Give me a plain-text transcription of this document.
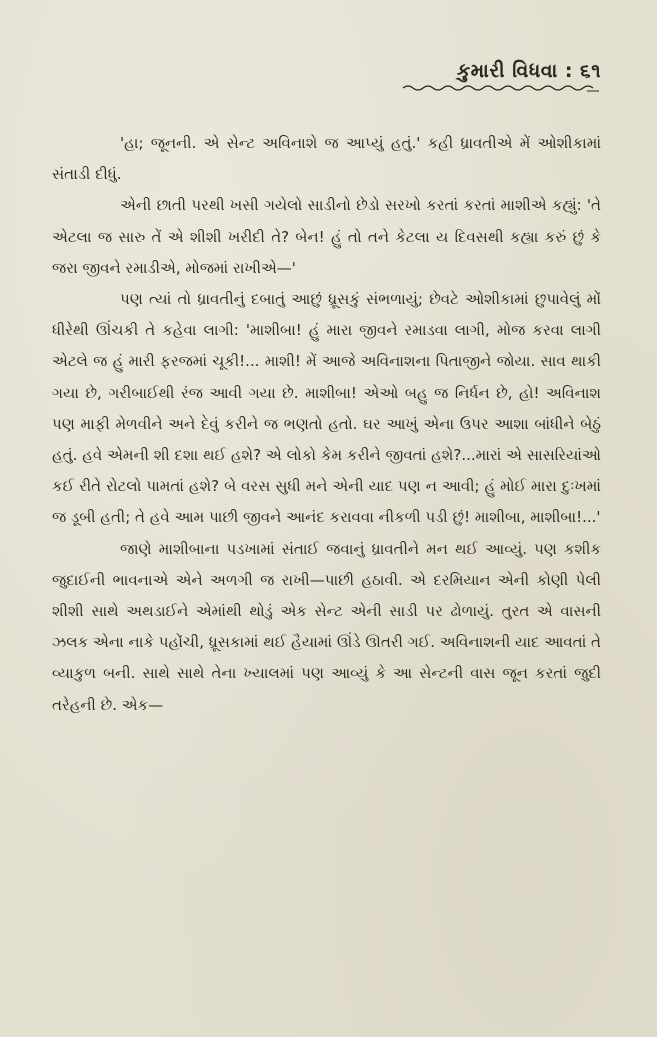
કુમારી વિધવા : ૬૧

'હા; જૂનની. એ સેન્ટ અવિનાશે જ આપ્યું હતું.' કહી ધ્રાવતીએ મેં ઓશીકામાં સંતાડી દીધું.

એની છાતી પરથી ખસી ગયેલો સાડીનો છેડો સરખો કરતાં કરતાં માશીએ કહ્યું: 'તે એટલા જ સારુ તેં એ શીશી ખરીદી તે? બેન! હું તો તને કેટલા ય દિવસથી કહ્યા કરું છું કે જરા જીવને રમાડીએ, મોજમાં રાખીએ—'

પણ ત્યાં તો ધ્રાવતીનું દબાતું આછું ધ્રૂસકું સંભળાયું; છેવટે ઓશીકામાં છુપાવેલું મોં ધીરેથી ઊંચકી તે કહેવા લાગી: 'માશીબા! હું મારા જીવને રમાડવા લાગી, મોજ કરવા લાગી એટલે જ હું મારી ફરજમાં ચૂકી!... માશી! મેં આજે અવિનાશના પિતાજીને જોયા. સાવ થાકી ગયા છે, ગરીબાઈથી રંજ આવી ગયા છે. માશીબા! એઓ બહુ જ નિર્ધન છે, હો! અવિનાશ પણ માફી મેળવીને અને દેવું કરીને જ ભણતો હતો. ઘર આખું એના ઉપર આશા બાંધીને બેઠું હતું. હવે એમની શી દશા થઈ હશે? એ લોકો કેમ કરીને જીવતાં હશે?...મારાં એ સાસરિયાંઓ કઈ રીતે રોટલો પામતાં હશે? બે વરસ સુધી મને એની યાદ પણ ન આવી; હું મોઈ મારા દુઃખમાં જ ડૂબી હતી; તે હવે આમ પાછી જીવને આનંદ કરાવવા નીકળી પડી છું! માશીબા, માશીબા!...'

જાણે માશીબાના પડખામાં સંતાઈ જવાનું ધ્રાવતીને મન થઈ આવ્યું. પણ કશીક જુદાઈની ભાવનાએ એને અળગી જ રાખી—પાછી હઠાવી. એ દરમિયાન એની કોણી પેલી શીશી સાથે અથડાઈને એમાંથી થોડું એક સેન્ટ એની સાડી પર ઢોળાયું. તુરત એ વાસની ઝલક એના નાકે પહોંચી, ધ્રૂસકામાં થઈ હૈયામાં ઊંડે ઊતરી ગઈ. અવિનાશની યાદ આવતાં તે વ્યાકુળ બની. સાથે સાથે તેના ખ્યાલમાં પણ આવ્યું કે આ સેન્ટની વાસ જૂન કરતાં જુદી તરેહની છે. એક—
